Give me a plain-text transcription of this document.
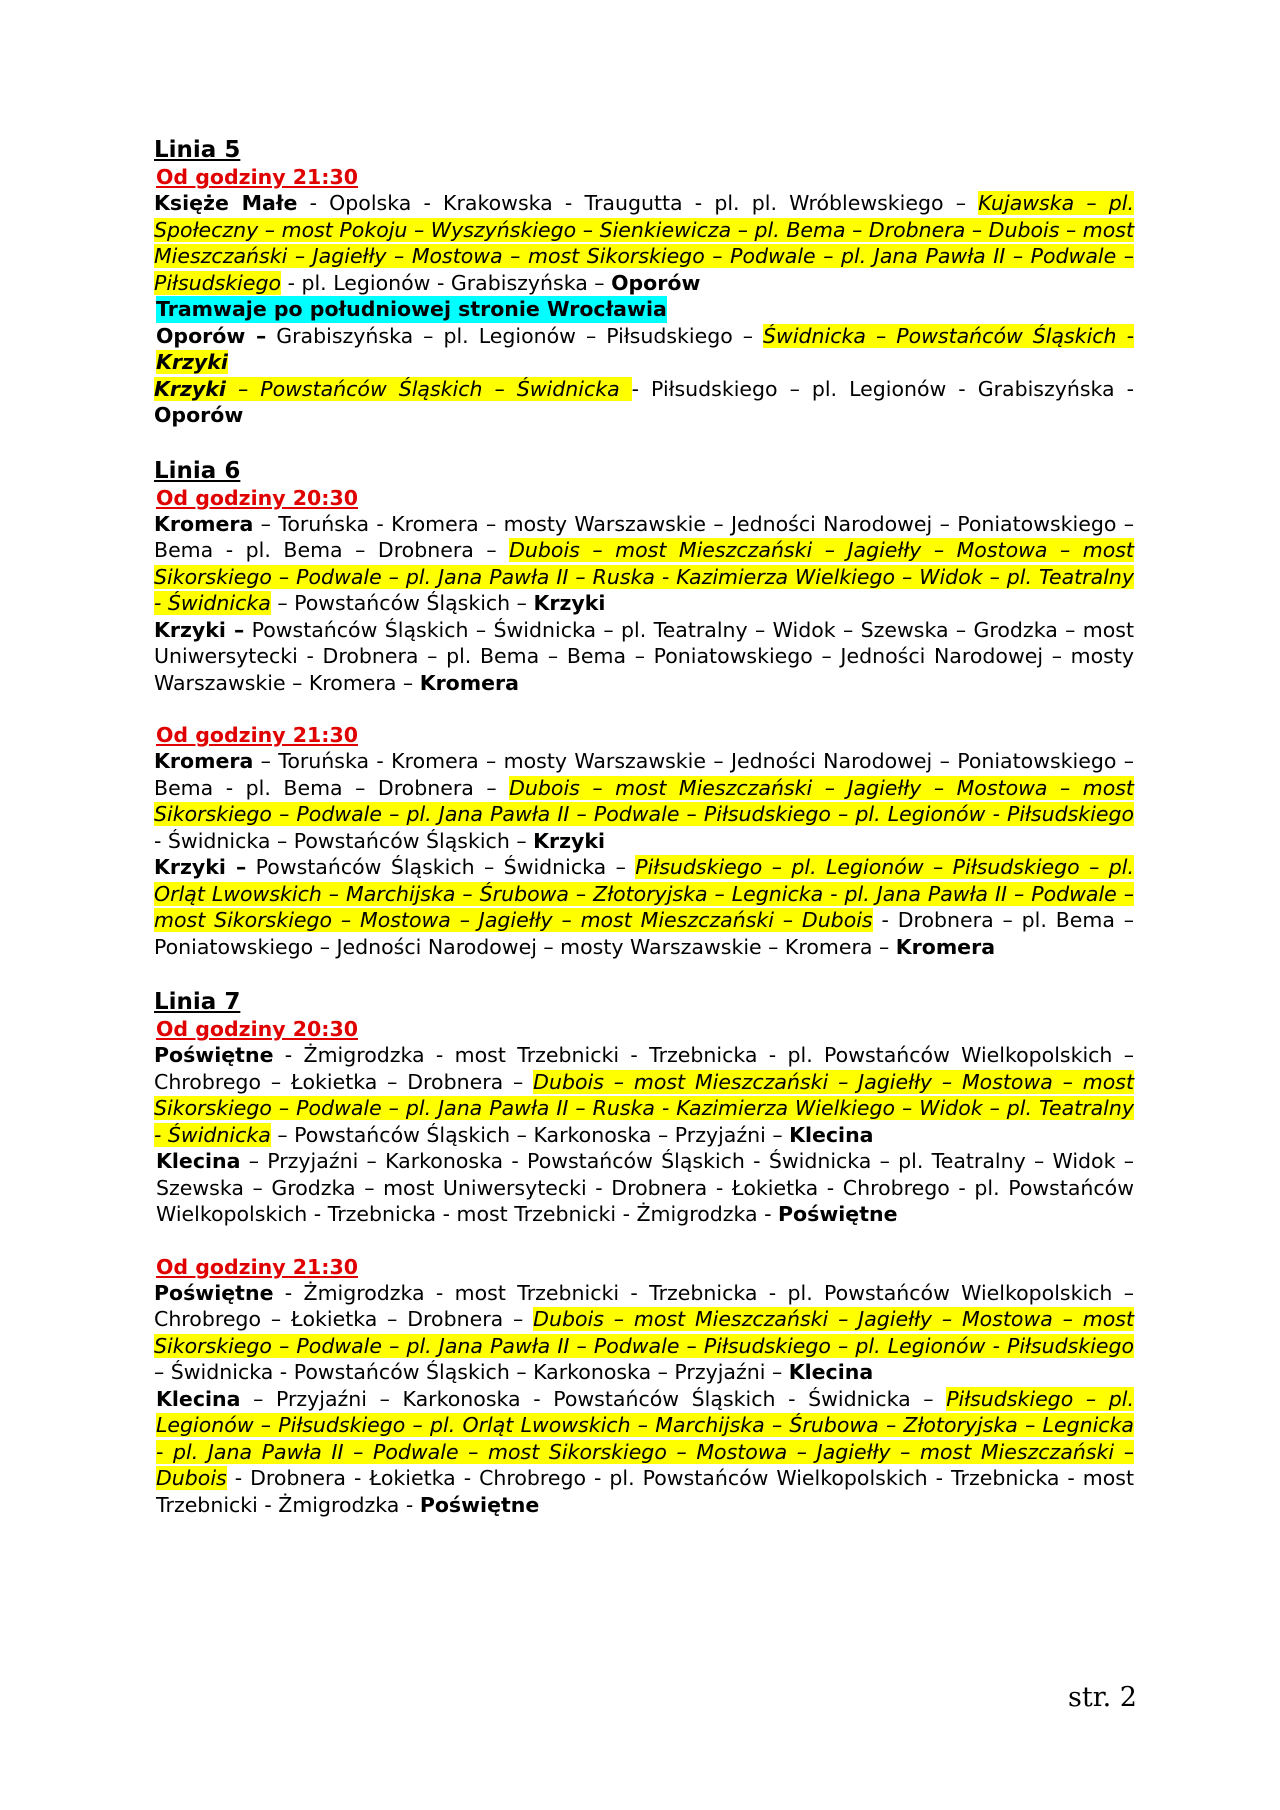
Linia 5
Od godziny 21:30

Księże Małe - Opolska - Krakowska - Traugutta - pl. pl. Wróblewskiego – Kujawska – pl. Społeczny – most Pokoju – Wyszyńskiego – Sienkiewicza – pl. Bema – Drobnera – Dubois – most Mieszczański – Jagiełły – Mostowa – most Sikorskiego – Podwale – pl. Jana Pawła II – Podwale – Piłsudskiego - pl. Legionów - Grabiszyńska – Oporów

Tramwaje po południowej stronie Wrocławia

Oporów – Grabiszyńska – pl. Legionów – Piłsudskiego – Świdnicka – Powstańców Śląskich - Krzyki

Krzyki – Powstańców Śląskich – Świdnicka - Piłsudskiego – pl. Legionów - Grabiszyńska - Oporów

Linia 6
Od godziny 20:30

Kromera – Toruńska - Kromera – mosty Warszawskie – Jedności Narodowej – Poniatowskiego – Bema - pl. Bema – Drobnera – Dubois – most Mieszczański – Jagiełły – Mostowa – most Sikorskiego – Podwale – pl. Jana Pawła II – Ruska - Kazimierza Wielkiego – Widok – pl. Teatralny - Świdnicka – Powstańców Śląskich – Krzyki

Krzyki – Powstańców Śląskich – Świdnicka – pl. Teatralny – Widok – Szewska – Grodzka – most Uniwersytecki - Drobnera – pl. Bema – Bema – Poniatowskiego – Jedności Narodowej – mosty Warszawskie – Kromera – Kromera

Od godziny 21:30

Kromera – Toruńska - Kromera – mosty Warszawskie – Jedności Narodowej – Poniatowskiego – Bema - pl. Bema – Drobnera – Dubois – most Mieszczański – Jagiełły – Mostowa – most Sikorskiego – Podwale – pl. Jana Pawła II – Podwale – Piłsudskiego – pl. Legionów - Piłsudskiego - Świdnicka – Powstańców Śląskich – Krzyki

Krzyki – Powstańców Śląskich – Świdnicka – Piłsudskiego – pl. Legionów – Piłsudskiego – pl. Orląt Lwowskich – Marchijska – Śrubowa – Złotoryjska – Legnicka - pl. Jana Pawła II – Podwale – most Sikorskiego – Mostowa – Jagiełły – most Mieszczański – Dubois - Drobnera – pl. Bema – Poniatowskiego – Jedności Narodowej – mosty Warszawskie – Kromera – Kromera

Linia 7
Od godziny 20:30

Poświętne - Żmigrodzka - most Trzebnicki - Trzebnicka - pl. Powstańców Wielkopolskich – Chrobrego – Łokietka – Drobnera – Dubois – most Mieszczański – Jagiełły – Mostowa – most Sikorskiego – Podwale – pl. Jana Pawła II – Ruska - Kazimierza Wielkiego – Widok – pl. Teatralny - Świdnicka – Powstańców Śląskich – Karkonoska – Przyjaźni – Klecina

Klecina – Przyjaźni – Karkonoska - Powstańców Śląskich - Świdnicka – pl. Teatralny – Widok – Szewska – Grodzka – most Uniwersytecki - Drobnera - Łokietka - Chrobrego - pl. Powstańców Wielkopolskich - Trzebnicka - most Trzebnicki - Żmigrodzka - Poświętne

Od godziny 21:30

Poświętne - Żmigrodzka - most Trzebnicki - Trzebnicka - pl. Powstańców Wielkopolskich – Chrobrego – Łokietka – Drobnera – Dubois – most Mieszczański – Jagiełły – Mostowa – most Sikorskiego – Podwale – pl. Jana Pawła II – Podwale – Piłsudskiego – pl. Legionów - Piłsudskiego – Świdnicka - Powstańców Śląskich – Karkonoska – Przyjaźni – Klecina

Klecina – Przyjaźni – Karkonoska - Powstańców Śląskich - Świdnicka – Piłsudskiego – pl. Legionów – Piłsudskiego – pl. Orląt Lwowskich – Marchijska – Śrubowa – Złotoryjska – Legnicka - pl. Jana Pawła II – Podwale – most Sikorskiego – Mostowa – Jagiełły – most Mieszczański – Dubois - Drobnera - Łokietka - Chrobrego - pl. Powstańców Wielkopolskich - Trzebnicka - most Trzebnicki - Żmigrodzka - Poświętne

str. 2
